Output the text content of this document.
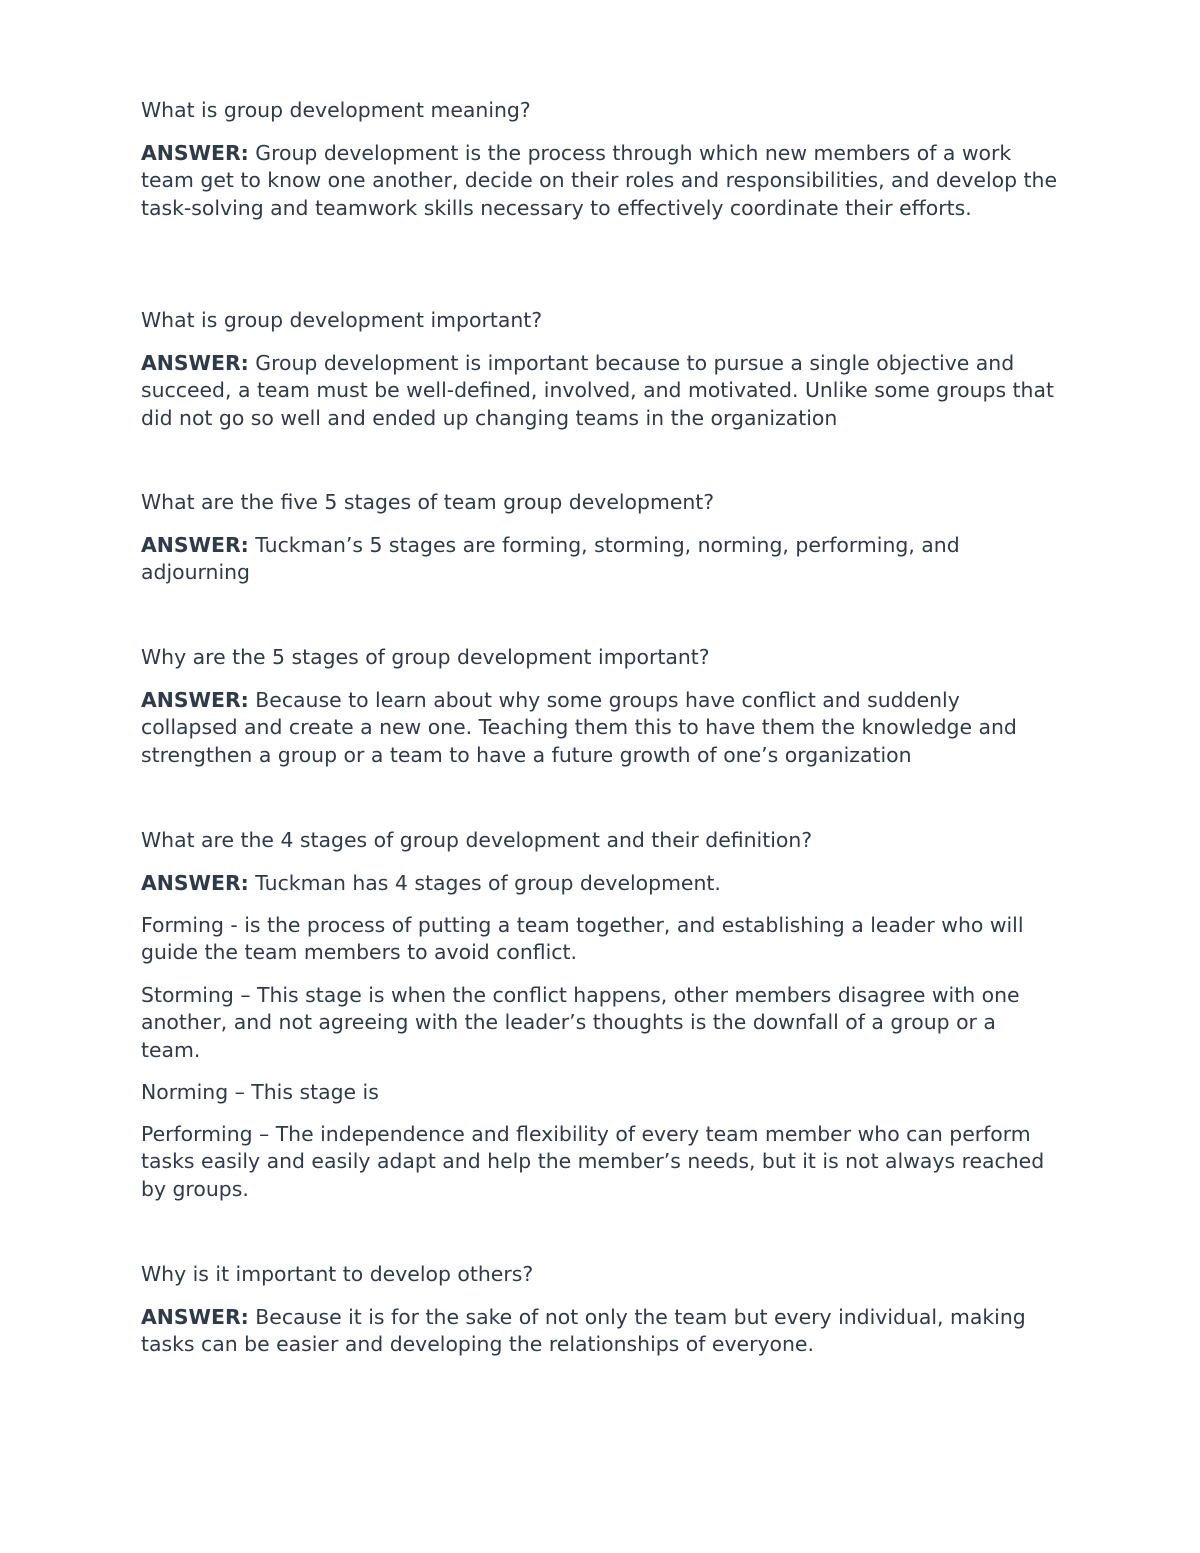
What is group development meaning?

ANSWER: Group development is the process through which new members of a work team get to know one another, decide on their roles and responsibilities, and develop the task-solving and teamwork skills necessary to effectively coordinate their efforts.

What is group development important?

ANSWER: Group development is important because to pursue a single objective and succeed, a team must be well-defined, involved, and motivated. Unlike some groups that did not go so well and ended up changing teams in the organization

What are the five 5 stages of team group development?

ANSWER: Tuckman’s 5 stages are forming, storming, norming, performing, and adjourning

Why are the 5 stages of group development important?

ANSWER: Because to learn about why some groups have conflict and suddenly collapsed and create a new one. Teaching them this to have them the knowledge and strengthen a group or a team to have a future growth of one’s organization

What are the 4 stages of group development and their definition?

ANSWER: Tuckman has 4 stages of group development.

Forming - is the process of putting a team together, and establishing a leader who will guide the team members to avoid conflict.

Storming – This stage is when the conflict happens, other members disagree with one another, and not agreeing with the leader’s thoughts is the downfall of a group or a team.

Norming – This stage is

Performing – The independence and flexibility of every team member who can perform tasks easily and easily adapt and help the member’s needs, but it is not always reached by groups.

Why is it important to develop others?

ANSWER: Because it is for the sake of not only the team but every individual, making tasks can be easier and developing the relationships of everyone.
